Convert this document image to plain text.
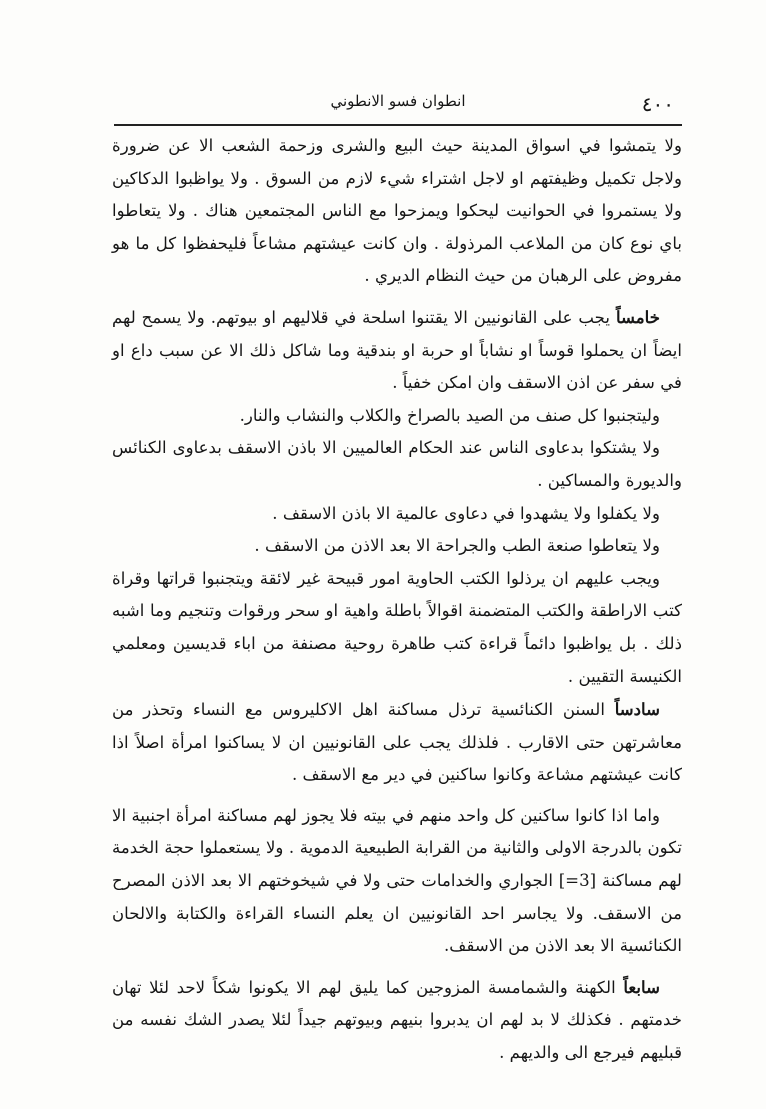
٤٠٠
انطوان فسو الانطوني

ولا يتمشوا في اسواق المدينة حيث البيع والشرى وزحمة الشعب الا عن ضرورة ولاجل تكميل وظيفتهم او لاجل اشتراء شيء لازم من السوق . ولا يواظبوا الدكاكين ولا يستمروا في الحوانيت ليحكوا ويمزحوا مع الناس المجتمعين هناك . ولا يتعاطوا باي نوع كان من الملاعب المرذولة . وان كانت عيشتهم مشاعاً فليحفظوا كل ما هو مفروض على الرهبان من حيث النظام الديري .

خامساً يجب على القانونيين الا يقتنوا اسلحة في قلاليهم او بيوتهم. ولا يسمح لهم ايضاً ان يحملوا قوساً او نشاباً او حربة او بندقية وما شاكل ذلك الا عن سبب داع او في سفر عن اذن الاسقف وان امكن خفياً .

وليتجنبوا كل صنف من الصيد بالصراخ والكلاب والنشاب والنار.

ولا يشتكوا بدعاوى الناس عند الحكام العالميين الا باذن الاسقف بدعاوى الكنائس والديورة والمساكين .

ولا يكفلوا ولا يشهدوا في دعاوى عالمية الا باذن الاسقف .

ولا يتعاطوا صنعة الطب والجراحة الا بعد الاذن من الاسقف .

ويجب عليهم ان يرذلوا الكتب الحاوية امور قبيحة غير لائقة ويتجنبوا قراتها وقراة كتب الاراطقة والكتب المتضمنة اقوالاً باطلة واهية او سحر ورقوات وتنجيم وما اشبه ذلك . بل يواظبوا دائماً قراءة كتب طاهرة روحية مصنفة من اباء قديسين ومعلمي الكنيسة التقيين .

سادساً السنن الكنائسية ترذل مساكنة اهل الاكليروس مع النساء وتحذر من معاشرتهن حتى الاقارب . فلذلك يجب على القانونيين ان لا يساكنوا امرأة اصلاً اذا كانت عيشتهم مشاعة وكانوا ساكنين في دير مع الاسقف .

واما اذا كانوا ساكنين كل واحد منهم في بيته فلا يجوز لهم مساكنة امرأة اجنبية الا تكون بالدرجة الاولى والثانية من القرابة الطبيعية الدموية . ولا يستعملوا حجة الخدمة لهم مساكنة [3=] الجواري والخدامات حتى ولا في شيخوختهم الا بعد الاذن المصرح من الاسقف. ولا يجاسر احد القانونيين ان يعلم النساء القراءة والكتابة والالحان الكنائسية الا بعد الاذن من الاسقف.

سابعاً الكهنة والشمامسة المزوجين كما يليق لهم الا يكونوا شكاً لاحد لئلا تهان خدمتهم . فكذلك لا بد لهم ان يدبروا بنيهم وبيوتهم جيداً لئلا يصدر الشك نفسه من قبليهم فيرجع الى والديهم .
